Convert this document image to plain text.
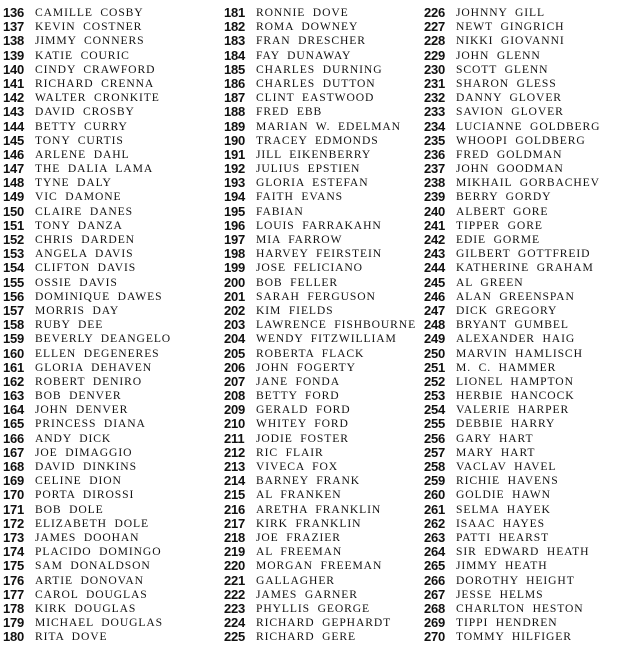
136 CAMILLE  COSBY
137 KEVIN  COSTNER
138 JIMMY  CONNERS
139 KATIE  COURIC
140 CINDY  CRAWFORD
141 RICHARD  CRENNA
142 WALTER  CRONKITE
143 DAVID  CROSBY
144 BETTY  CURRY
145 TONY  CURTIS
146 ARLENE  DAHL
147 THE  DALIA  LAMA
148 TYNE  DALY
149 VIC  DAMONE
150 CLAIRE  DANES
151 TONY  DANZA
152 CHRIS  DARDEN
153 ANGELA  DAVIS
154 CLIFTON  DAVIS
155 OSSIE  DAVIS
156 DOMINIQUE  DAWES
157 MORRIS  DAY
158 RUBY  DEE
159 BEVERLY  DEANGELO
160 ELLEN  DEGENERES
161 GLORIA  DEHAVEN
162 ROBERT  DENIRO
163 BOB  DENVER
164 JOHN  DENVER
165 PRINCESS  DIANA
166 ANDY  DICK
167 JOE  DIMAGGIO
168 DAVID  DINKINS
169 CELINE  DION
170 PORTA  DIROSSI
171 BOB  DOLE
172 ELIZABETH  DOLE
173 JAMES  DOOHAN
174 PLACIDO  DOMINGO
175 SAM  DONALDSON
176 ARTIE  DONOVAN
177 CAROL  DOUGLAS
178 KIRK  DOUGLAS
179 MICHAEL  DOUGLAS
180 RITA  DOVE
181 RONNIE  DOVE
182 ROMA  DOWNEY
183 FRAN  DRESCHER
184 FAY  DUNAWAY
185 CHARLES  DURNING
186 CHARLES  DUTTON
187 CLINT  EASTWOOD
188 FRED  EBB
189 MARIAN  W.  EDELMAN
190 TRACEY  EDMONDS
191 JILL  EIKENBERRY
192 JULIUS  EPSTIEN
193 GLORIA  ESTEFAN
194 FAITH  EVANS
195 FABIAN
196 LOUIS  FARRAKAHN
197 MIA  FARROW
198 HARVEY  FEIRSTEIN
199 JOSE  FELICIANO
200 BOB  FELLER
201 SARAH  FERGUSON
202 KIM  FIELDS
203 LAWRENCE  FISHBOURNE
204 WENDY  FITZWILLIAM
205 ROBERTA  FLACK
206 JOHN  FOGERTY
207 JANE  FONDA
208 BETTY  FORD
209 GERALD  FORD
210 WHITEY  FORD
211 JODIE  FOSTER
212 RIC  FLAIR
213 VIVECA  FOX
214 BARNEY  FRANK
215 AL  FRANKEN
216 ARETHA  FRANKLIN
217 KIRK  FRANKLIN
218 JOE  FRAZIER
219 AL  FREEMAN
220 MORGAN  FREEMAN
221 GALLAGHER
222 JAMES  GARNER
223 PHYLLIS  GEORGE
224 RICHARD  GEPHARDT
225 RICHARD  GERE
226 JOHNNY  GILL
227 NEWT  GINGRICH
228 NIKKI  GIOVANNI
229 JOHN  GLENN
230 SCOTT  GLENN
231 SHARON  GLESS
232 DANNY  GLOVER
233 SAVION  GLOVER
234 LUCIANNE  GOLDBERG
235 WHOOPI  GOLDBERG
236 FRED  GOLDMAN
237 JOHN  GOODMAN
238 MIKHAIL  GORBACHEV
239 BERRY  GORDY
240 ALBERT  GORE
241 TIPPER  GORE
242 EDIE  GORME
243 GILBERT  GOTTFREID
244 KATHERINE  GRAHAM
245 AL  GREEN
246 ALAN  GREENSPAN
247 DICK  GREGORY
248 BRYANT  GUMBEL
249 ALEXANDER  HAIG
250 MARVIN  HAMLISCH
251 M.  C.  HAMMER
252 LIONEL  HAMPTON
253 HERBIE  HANCOCK
254 VALERIE  HARPER
255 DEBBIE  HARRY
256 GARY  HART
257 MARY  HART
258 VACLAV  HAVEL
259 RICHIE  HAVENS
260 GOLDIE  HAWN
261 SELMA  HAYEK
262 ISAAC  HAYES
263 PATTI  HEARST
264 SIR  EDWARD  HEATH
265 JIMMY  HEATH
266 DOROTHY  HEIGHT
267 JESSE  HELMS
268 CHARLTON  HESTON
269 TIPPI  HENDREN
270 TOMMY  HILFIGER
